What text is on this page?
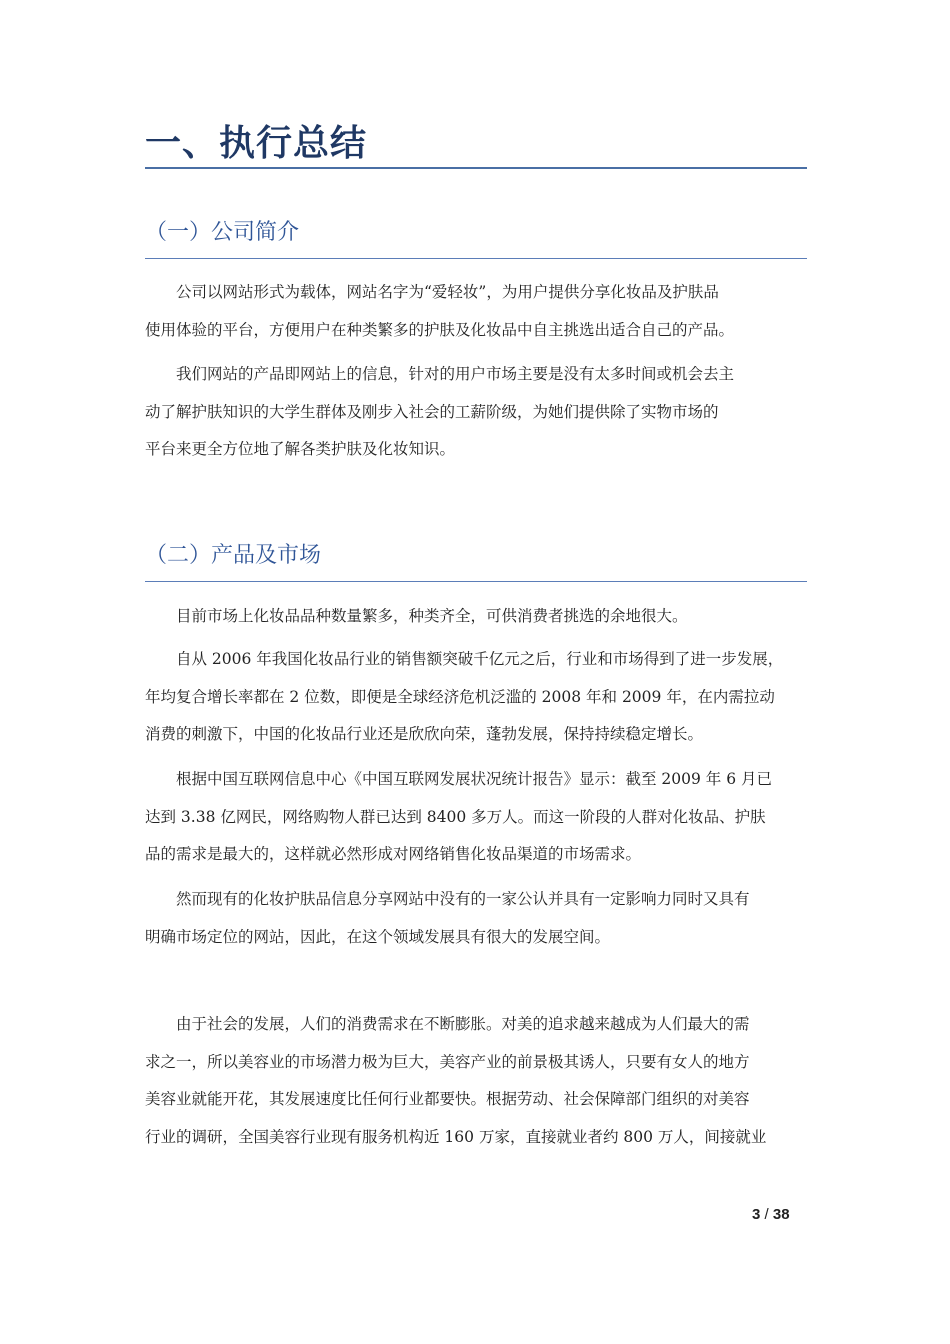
一、执行总结
（一）公司简介
公司以网站形式为载体，网站名字为“爱轻妆”，为用户提供分享化妆品及护肤品
使用体验的平台，方便用户在种类繁多的护肤及化妆品中自主挑选出适合自己的产品。
我们网站的产品即网站上的信息，针对的用户市场主要是没有太多时间或机会去主
动了解护肤知识的大学生群体及刚步入社会的工薪阶级，为她们提供除了实物市场的
平台来更全方位地了解各类护肤及化妆知识。
（二）产品及市场
目前市场上化妆品品种数量繁多，种类齐全，可供消费者挑选的余地很大。
自从 2006 年我国化妆品行业的销售额突破千亿元之后，行业和市场得到了进一步发展，
年均复合增长率都在 2 位数，即便是全球经济危机泛滥的 2008 年和 2009 年，在内需拉动
消费的刺激下，中国的化妆品行业还是欣欣向荣，蓬勃发展，保持持续稳定增长。
根据中国互联网信息中心《中国互联网发展状况统计报告》显示：截至 2009 年 6 月已
达到 3.38 亿网民，网络购物人群已达到 8400 多万人。而这一阶段的人群对化妆品、护肤
品的需求是最大的，这样就必然形成对网络销售化妆品渠道的市场需求。
然而现有的化妆护肤品信息分享网站中没有的一家公认并具有一定影响力同时又具有
明确市场定位的网站，因此，在这个领域发展具有很大的发展空间。
由于社会的发展，人们的消费需求在不断膨胀。对美的追求越来越成为人们最大的需
求之一，所以美容业的市场潜力极为巨大，美容产业的前景极其诱人，只要有女人的地方
美容业就能开花，其发展速度比任何行业都要快。根据劳动、社会保障部门组织的对美容
行业的调研，全国美容行业现有服务机构近 160 万家，直接就业者约 800 万人，间接就业
3 / 38
